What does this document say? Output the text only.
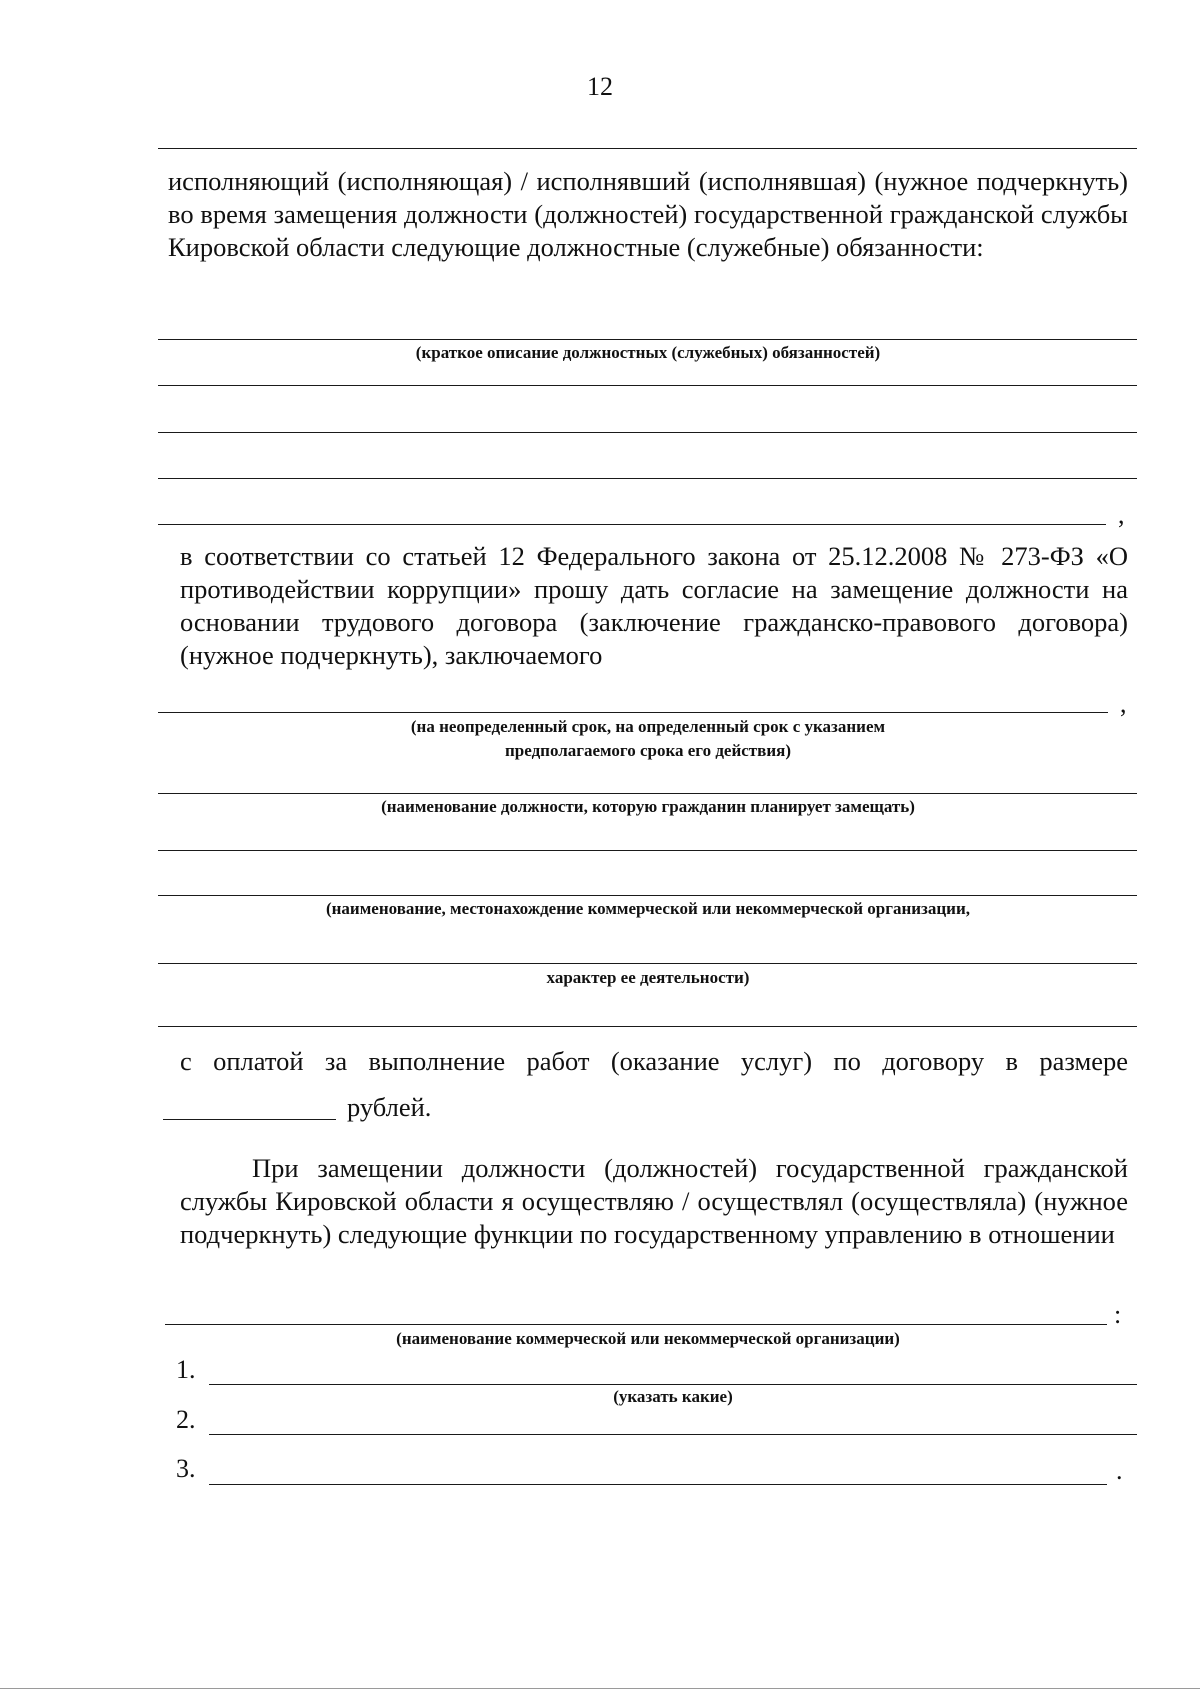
12
исполняющий (исполняющая) / исполнявший (исполнявшая) (нужное подчеркнуть) во время замещения должности (должностей) государственной гражданской службы Кировской области следующие должностные (служебные) обязанности:
(краткое описание должностных (служебных) обязанностей)
,
в соответствии со статьей 12 Федерального закона от 25.12.2008 № 273-ФЗ «О противодействии коррупции» прошу дать согласие на замещение должности на основании трудового договора (заключение гражданско-правового договора) (нужное подчеркнуть), заключаемого
,
(на неопределенный срок, на определенный срок с указанием
предполагаемого срока его действия)
(наименование должности, которую гражданин планирует замещать)
(наименование, местонахождение коммерческой или некоммерческой организации,
характер ее деятельности)
с оплатой за выполнение работ (оказание услуг) по договору в размере
рублей.
При замещении должности (должностей) государственной гражданской службы Кировской области я осуществляю / осуществлял (осуществляла) (нужное подчеркнуть) следующие функции по государственному управлению в отношении
:
(наименование коммерческой или некоммерческой организации)
1.
(указать какие)
2.
3.	.
